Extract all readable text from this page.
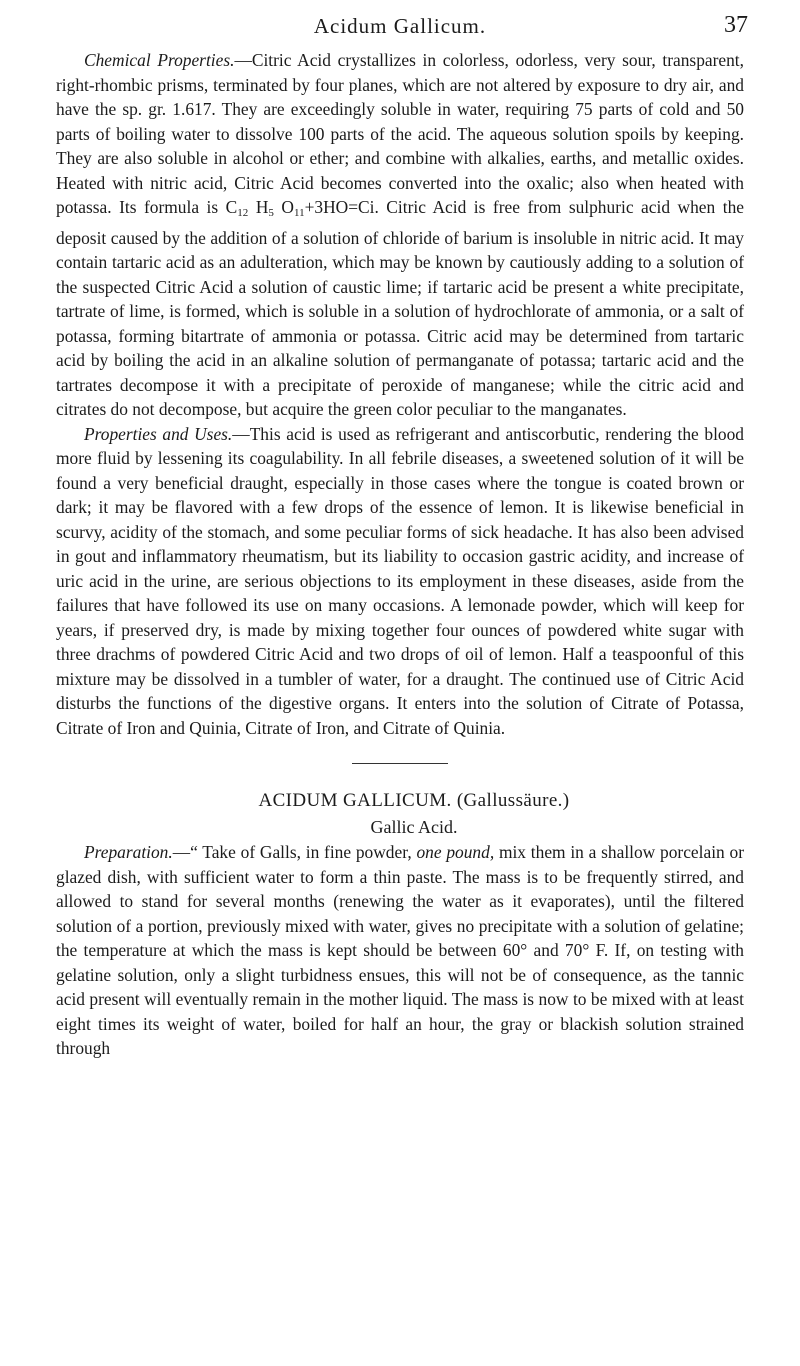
Acidum Gallicum.	37

Chemical Properties.—Citric Acid crystallizes in colorless, odorless, very sour, transparent, right-rhombic prisms, terminated by four planes, which are not altered by exposure to dry air, and have the sp. gr. 1.617. They are exceedingly soluble in water, requiring 75 parts of cold and 50 parts of boiling water to dissolve 100 parts of the acid. The aqueous solution spoils by keeping. They are also soluble in alcohol or ether; and combine with alkalies, earths, and metallic oxides. Heated with nitric acid, Citric Acid becomes converted into the oxalic; also when heated with potassa. Its formula is $C_{12}$ $H_5$ $O_{11}+3HO=Ci$. Citric Acid is free from sulphuric acid when the deposit caused by the addition of a solution of chloride of barium is insoluble in nitric acid. It may contain tartaric acid as an adulteration, which may be known by cautiously adding to a solution of the suspected Citric Acid a solution of caustic lime; if tartaric acid be present a white precipitate, tartrate of lime, is formed, which is soluble in a solution of hydrochlorate of ammonia, or a salt of potassa, forming bitartrate of ammonia or potassa. Citric acid may be determined from tartaric acid by boiling the acid in an alkaline solution of permanganate of potassa; tartaric acid and the tartrates decompose it with a precipitate of peroxide of manganese; while the citric acid and citrates do not decompose, but acquire the green color peculiar to the manganates.

Properties and Uses.—This acid is used as refrigerant and antiscorbutic, rendering the blood more fluid by lessening its coagulability. In all febrile diseases, a sweetened solution of it will be found a very beneficial draught, especially in those cases where the tongue is coated brown or dark; it may be flavored with a few drops of the essence of lemon. It is likewise beneficial in scurvy, acidity of the stomach, and some peculiar forms of sick headache. It has also been advised in gout and inflammatory rheumatism, but its liability to occasion gastric acidity, and increase of uric acid in the urine, are serious objections to its employment in these diseases, aside from the failures that have followed its use on many occasions. A lemonade powder, which will keep for years, if preserved dry, is made by mixing together four ounces of powdered white sugar with three drachms of powdered Citric Acid and two drops of oil of lemon. Half a teaspoonful of this mixture may be dissolved in a tumbler of water, for a draught. The continued use of Citric Acid disturbs the functions of the digestive organs. It enters into the solution of Citrate of Potassa, Citrate of Iron and Quinia, Citrate of Iron, and Citrate of Quinia.

ACIDUM GALLICUM. (Gallussäure.)

Gallic Acid.

Preparation.—“ Take of Galls, in fine powder, one pound, mix them in a shallow porcelain or glazed dish, with sufficient water to form a thin paste. The mass is to be frequently stirred, and allowed to stand for several months (renewing the water as it evaporates), until the filtered solution of a portion, previously mixed with water, gives no precipitate with a solution of gelatine; the temperature at which the mass is kept should be between 60° and 70° F. If, on testing with gelatine solution, only a slight turbidness ensues, this will not be of consequence, as the tannic acid present will eventually remain in the mother liquid. The mass is now to be mixed with at least eight times its weight of water, boiled for half an hour, the gray or blackish solution strained through
